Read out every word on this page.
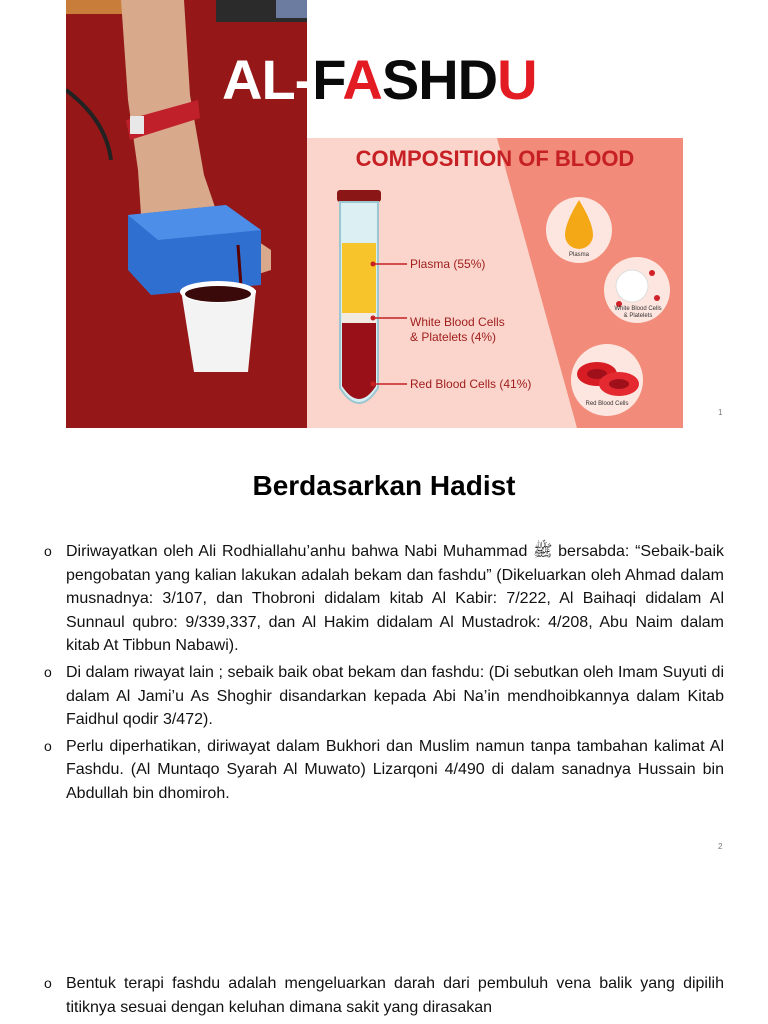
AL-FASHDU
COMPOSITION OF BLOOD
Plasma (55%)
White Blood Cells
& Platelets (4%)
Red Blood Cells (41%)
Plasma
White Blood Cells
& Platelets
Red Blood Cells
1
Berdasarkan Hadist
o Diriwayatkan oleh Ali Rodhiallahu’anhu bahwa Nabi Muhammad ﷺ bersabda: “Sebaik-baik pengobatan yang kalian lakukan adalah bekam dan fashdu” (Dikeluarkan oleh Ahmad dalam musnadnya: 3/107, dan Thobroni didalam kitab Al Kabir: 7/222, Al Baihaqi didalam Al Sunnaul qubro: 9/339,337, dan Al Hakim didalam Al Mustadrok: 4/208, Abu Naim dalam kitab At Tibbun Nabawi).
o Di dalam riwayat lain ; sebaik baik obat bekam dan fashdu: (Di sebutkan oleh Imam Suyuti di dalam Al Jami’u As Shoghir disandarkan kepada Abi Na’in mendhoibkannya dalam Kitab Faidhul qodir 3/472).
o Perlu diperhatikan, diriwayat dalam Bukhori dan Muslim namun tanpa tambahan kalimat Al Fashdu. (Al Muntaqo Syarah Al Muwato) Lizarqoni 4/490 di dalam sanadnya Hussain bin Abdullah bin dhomiroh.
2
o Bentuk terapi fashdu adalah mengeluarkan darah dari pembuluh vena balik yang dipilih titiknya sesuai dengan keluhan dimana sakit yang dirasakan
